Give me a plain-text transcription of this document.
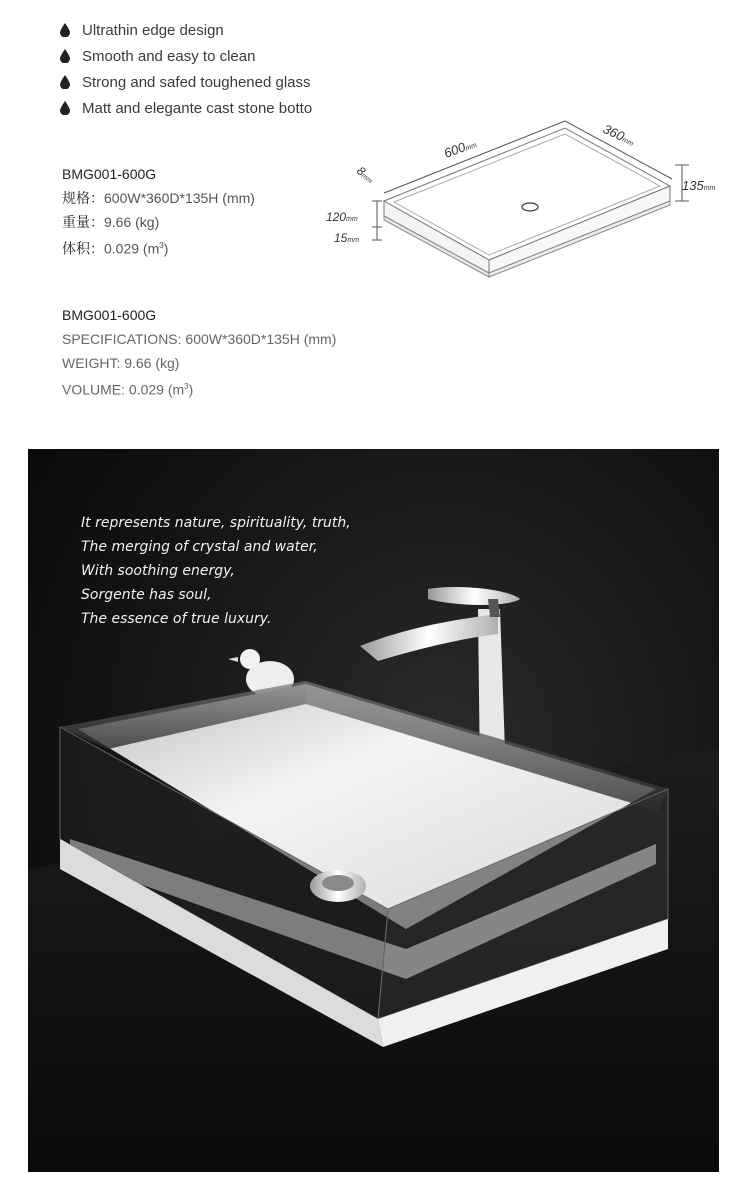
Ultrathin edge design
Smooth and easy to clean
Strong and safed toughened glass
Matt and elegante cast stone botto
BMG001-600G
规格：600W*360D*135H (mm)
重量：9.66 (kg)
体积：0.029 $(m^3)$
600mm
360mm
135mm
8mm
120mm
15mm
BMG001-600G
SPECIFICATIONS: 600W*360D*135H (mm)
WEIGHT: 9.66 (kg)
VOLUME: 0.029 $(m^3)$
It represents nature, spirituality, truth,
The merging of crystal and water,
With soothing energy,
Sorgente has soul,
The essence of true luxury.
